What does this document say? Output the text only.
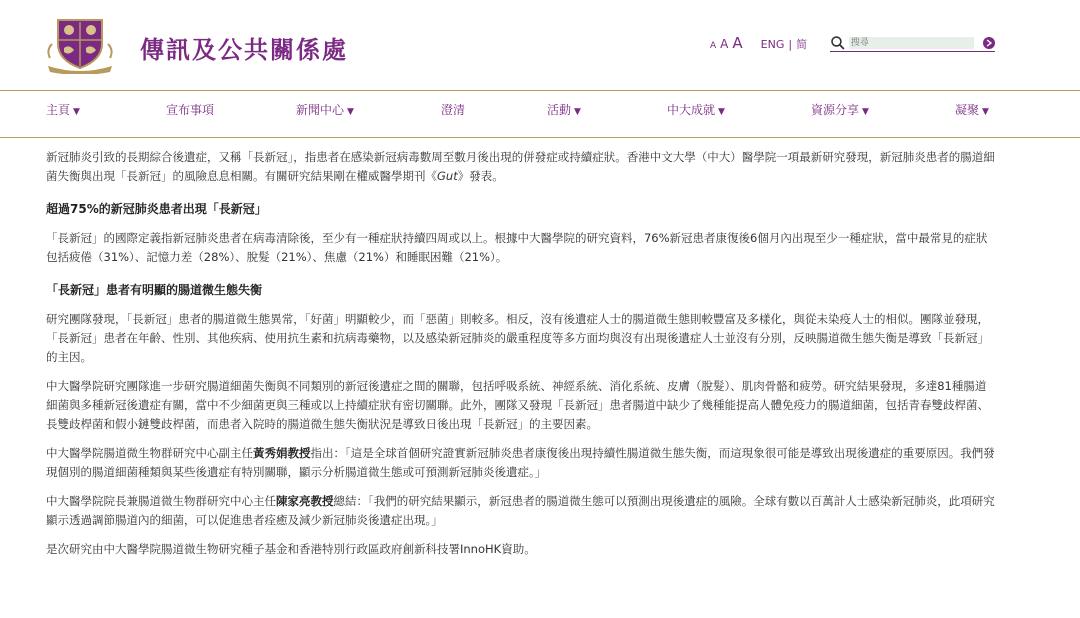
傳訊及公共關係處	A A A ENG | 简
搜尋
主頁 ▼	宣布事項	新聞中心 ▼	澄清	活動 ▼	中大成就 ▼	資源分享 ▼	凝聚 ▼

新冠肺炎引致的長期綜合後遺症，又稱「長新冠」，指患者在感染新冠病毒數周至數月後出現的併發症或持續症狀。香港中文大學（中大）醫學院一項最新研究發現，新冠肺炎患者的腸道細菌失衡與出現「長新冠」的風險息息相關。有關研究結果剛在權威醫學期刊《Gut》發表。

超過75%的新冠肺炎患者出現「長新冠」

「長新冠」的國際定義指新冠肺炎患者在病毒清除後，至少有一種症狀持續四周或以上。根據中大醫學院的研究資料，76%新冠患者康復後6個月內出現至少一種症狀，當中最常見的症狀包括疲倦（31%）、記憶力差（28%）、脫髮（21%）、焦慮（21%）和睡眠困難（21%）。

「長新冠」患者有明顯的腸道微生態失衡

研究團隊發現，「長新冠」患者的腸道微生態異常，「好菌」明顯較少，而「惡菌」則較多。相反，沒有後遺症人士的腸道微生態則較豐富及多樣化，與從未染疫人士的相似。團隊並發現，「長新冠」患者在年齡、性別、其他疾病、使用抗生素和抗病毒藥物，以及感染新冠肺炎的嚴重程度等多方面均與沒有出現後遺症人士並沒有分別，反映腸道微生態失衡是導致「長新冠」的主因。

中大醫學院研究團隊進一步研究腸道細菌失衡與不同類別的新冠後遺症之間的關聯，包括呼吸系統、神經系統、消化系統、皮膚（脫髮）、肌肉骨骼和疲勞。研究結果發現，多達81種腸道細菌與多種新冠後遺症有關，當中不少細菌更與三種或以上持續症狀有密切關聯。此外，團隊又發現「長新冠」患者腸道中缺少了幾種能提高人體免疫力的腸道細菌，包括青春雙歧桿菌、長雙歧桿菌和假小鏈雙歧桿菌，而患者入院時的腸道微生態失衡狀況是導致日後出現「長新冠」的主要因素。

中大醫學院腸道微生物群研究中心副主任黃秀娟教授指出：「這是全球首個研究證實新冠肺炎患者康復後出現持續性腸道微生態失衡，而這現象很可能是導致出現後遺症的重要原因。我們發現個別的腸道細菌種類與某些後遺症有特別關聯，顯示分析腸道微生態或可預測新冠肺炎後遺症。」

中大醫學院院長兼腸道微生物群研究中心主任陳家亮教授總結：「我們的研究結果顯示，新冠患者的腸道微生態可以預測出現後遺症的風險。全球有數以百萬計人士感染新冠肺炎，此項研究顯示透過調節腸道內的細菌，可以促進患者痊癒及減少新冠肺炎後遺症出現。」

是次研究由中大醫學院腸道微生物研究種子基金和香港特別行政區政府創新科技署InnoHK資助。
